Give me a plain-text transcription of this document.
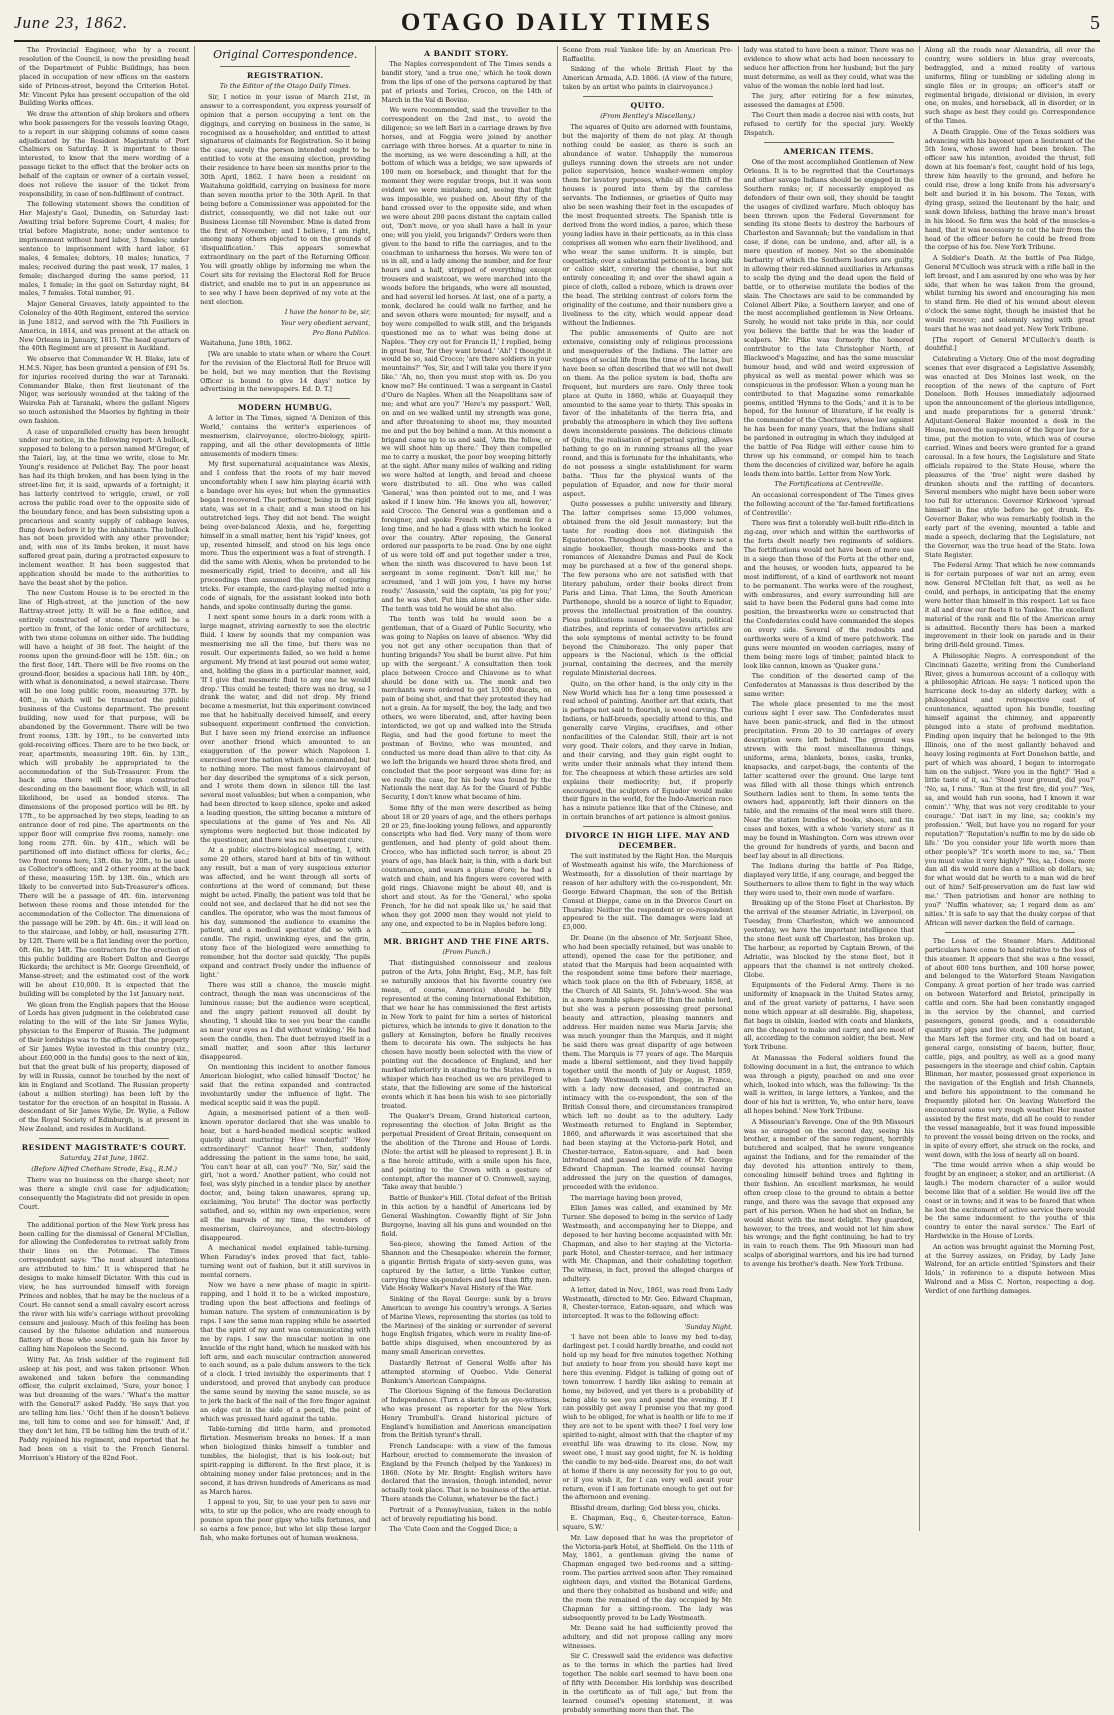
June 23, 1862.	OTAGO DAILY TIMES	5

The Provincial Engineer, who by a recent resolution of the Council, is now the presiding head of the Department of Public Buildings, has been placed in occupation of new offices on the eastern side of Princes-street, beyond the Criterion Hotel. Mr. Vincent Pyke has present occupation of the old Building Works offices.

We draw the attention of ship brokers and others who book passengers for the vessels leaving Otago, to a report in our shipping columns of some cases adjudicated by the Resident Magistrate of Port Chalmers on Saturday. It is important to these interested, to know that the mere wording of a passage ticket to the effect that the broker acts on behalf of the captain or owner of a certain vessel, does not relieve the issuer of the ticket from responsibility, in case of non-fulfilment of contract.

The following statement shows the condition of Her Majesty's Gaol, Dunedin, on Saturday last: Awaiting trial before Supreme Court, 4 males; for trial before Magistrate, none; under sentence to imprisonment without hard labor, 3 females; under sentence to imprisonment with hard labor, 61 males, 4 females; debtors, 10 males; lunatics, 7 males; received during the past week, 17 males, 1 female; discharged during the same period, 11 males, 1 female; in the gaol on Saturday night, 84 males, 7 females. Total number, 91.

Major General Greaves, lately appointed to the Colonelcy of the 40th Regiment, entered the service in June 1812, and served with the 7th Fusiliers in America, in 1814, and was present at the attack on New Orleans in January, 1815. The head quarters of the 40th Regiment are at present in Auckland.

We observe that Commander W. H. Blake, late of H.M.S. Niger, has been granted a pension of £91 5s. for injuries received during the war at Taranaki. Commander Blake, then first lieutenant of the Niger, was seriously wounded at the taking of the Waireka Pah at Taranaki, where the gallant Nigers so much astonished the Maories by fighting in their own fashion.

A case of unparalleled cruelty has been brought under our notice, in the following report: A bullock, supposed to belong to a person named M'Gregor, of the Taieri, lay, at the time we write, close to Mr. Young's residence at Pelichet Bay. The poor beast has had its thigh broken, and has been lying in the street-line for, it is said, upwards of a fortnight; it has latterly contrived to wriggle, crawl, or roll across the public road over to the opposite side of the boundary fence, and has been subsisting upon a precarious and scanty supply of cabbage leaves, flung down before it by the inhabitants. The bullock has not been provided with any other provender; and, with one of its limbs broken, it must have suffered great pain, during a protracted exposure to inclement weather. It has been suggested that application should be made to the authorities to have the beast shot by the police.

The new Custom House is to be erected in the line of High-street, at the junction of the new Rattray-street jetty. It will be a fine edifice, and entirely constructed of stone. There will be a portico in front, of the Ionic order of architecture, with two stone columns on either side. The building will have a height of 38 feet. The height of the rooms upon the ground-floor will be 15ft. 6in.; on the first floor, 14ft. There will be five rooms on the ground-floor, besides a spacious hall 18ft. by 40ft., with what is denominated, a newel staircase. There will be one long public room, measuring 37ft. by 40ft., in which will be transacted the public business of the Customs department. The present building, now used for that purpose, will be abandoned by the Government. There will be two front rooms, 13ft. by 19ft., to be converted into gold-receiving offices. There are to be two back, or rear, apartments, measuring 19ft. 6in. by 13ft., which will probably be appropriated to the accommodation of the Sub-Treasurer. From the back area there will be steps constructed descending on the basement floor, which will, in all likelihood, be used as bonded stores. The dimensions of the proposed portico will be 8ft. by 17ft., to be approached by two steps, leading to an entrance door of red pine. The apartments on the upper floor will comprise five rooms, namely: one long room 27ft. 6in. by 41ft., which will be partitioned off into distinct offices for clerks, &c.; two front rooms here, 13ft. 6in. by 20ft., to be used as Collector's offices; and 2 other rooms at the back of these, measuring 15ft. by 13ft. 6in., which are likely to be converted into Sub-Treasurer's offices. There will be a passage of 4ft. 6in. intervening between these rooms and those intended for the accommodation of the Collector. The dimensions of the passage will be 29ft. by 4ft. 6in.; it will lead on to the staircase, and lobby, or hall, measuring 27ft. by 12ft. There will be a flat landing over the portico, 6ft. 6in. by 14ft. The contractors for the erection of this public building are Robert Dalton and George Rickards; the architect is Mr. George Greenfield, of Manse-street; and the estimated cost of the work will be about £10,000. It is expected that the building will be completed by the 1st January next.

We glean from the English papers that the House of Lords has given judgment in the celebrated case relating to the will of the late Sir James Wylie, physician to the Emperor of Russia. The judgment of their lordships was to the effect that the property of Sir James Wylie invested in this country (viz., about £60,000 in the funds) goes to the next of kin, but that the great bulk of his property, disposed of by will in Russia, cannot be touched by the next of kin in England and Scotland. The Russian property (about a million sterling) has been left by the testator for the erection of an hospital in Russia. A descendant of Sir James Wylie, Dr. Wylie, a Fellow of the Royal Society of Edinburgh, is at present in New Zealand, and resides in Auckland.

RESIDENT MAGISTRATE'S COURT.
Saturday, 21st June, 1862.
(Before Alfred Chetham Strode, Esq., R.M.)

There was no business on the charge sheet; nor was there a single civil case for adjudication; consequently the Magistrate did not preside in open Court.

The additional portion of the New York press has been calling for the dismissal of General M'Clellan, for allowing the Confederates to retreat safely from their lines on the Potomac. The Times correspondent says: 'The most absurd intentions are attributed to him.' It is whispered that he designs to make himself Dictator. With this cud in view, he has surrounded himself with foreign Princes and nobles, that he may be the nucleus of a Court. He cannot send a small cavalry escort across the river with his wife's carriage without provoking censure and jealousy. Much of this feeling has been caused by the fulsome adulation and numerous flattery of those who sought to gain his favor by calling him Napoleon the Second.

Witty Pat. An Irish soldier of the regiment fell asleep at his post, and was taken prisoner. When awakened and taken before the commanding officer, the culprit exclaimed, 'Sure, your honor, I was but dreaming of the wars.' 'What's the matter with the General?' asked Paddy. 'He says that you are telling him lies.' 'Och! then if he doesn't believe me, tell him to come and see for himself.' And, if they don't let him, I'll be telling him the truth of it.' Paddy rejoined his regiment, and reported that he had been on a visit to the French General. Morrison's History of the 82nd Foot.

Original Correspondence.
REGISTRATION.
To the Editor of the Otago Daily Times.

Sir, I notice in your issue of March 21st, in answer to a correspondent, you express yourself of opinion that a person occupying a tent on the diggings, and carrying on business in the same, is recognised as a householder, and entitled to attest signatures of claimants for Registration. So it being the case, surely the person intended ought to be entitled to vote at the ensuing election, providing their residence to have been six months prior to the 30th April, 1862. I have been a resident on Waitahuna goldfield, carrying on business for more than seven months prior to the 30th April. In that being before a Commissioner was appointed for the district, consequently, we did not take out our Business License till November. Mine is dated from the first of November; and I believe, I am right, among many others objected to on the grounds of 'disqualification.' This appears somewhat extraordinary on the part of the Returning Officer. You will greatly oblige by informing me when the Court sits for revising the Electoral Roll for Bruce district, and enable me to put in an appearance as to see why I have been deprived of my vote at the next election.

I have the honor to be, sir,

Your very obedient servant,

Pro Bono Publico.

Waitahuna, June 18th, 1862.

[We are unable to state when or where the Court for the revision of the Electoral Roll for Bruce will be held, but we may mention that the Revising Officer is bound to give 14 days' notice by advertising in the newspapers. Ed. D. T.]

MODERN HUMBUG.

A letter in The Times, signed 'A Denizen of this World,' contains the writer's experiences of mesmerism, clairvoyance, electro-biology, spirit-rapping, and all the other developments of little amusements of modern times:

My first supernatural acquaintance was Alexis, and I confess that the roots of my hair moved uncomfortably when I saw him playing écarté with a bandage over his eyes; but when the gymnastics began I recovered. The performer, being in the rigid state, was set in a chair, and a man stood on his outstretched legs. They did not bend. The weight being over-balanced Alexis, and he, forgetting himself in a small matter, bent his 'rigid' knees, got up, resented himself, and stood on his legs once more. Thus the experiment was a feat of strength. I did the same with Alexis, when he pretended to be mesmerically rigid, tried to deceive, and all his proceedings then assumed the value of conjuring tricks. For example, the card-playing melted into a code of signals, for the assistant looked into both hands, and spoke continually during the game.

I next spent some hours in a dark room with a large magnet, striving earnestly to see the electric fluid. I knew by sounds that my companion was mesmerising me all the time, but there was no result. Our experiments failed, so we held a home argument. My friend at last poured out some water, and, holding the glass in a particular manner, said, 'If I give that mesmeric fluid to any one he would drop.' This could be tested; there was no drug, so I drank the water, and did not drop. My friend became a mesmerist, but this experiment convinced me that he habitually deceived himself, and every subsequent experiment confirmed the conviction. But I have seen my friend exercise an influence over another friend which amounted to an exaggeration of the power which Napoleon I. exercised over the nation which he commanded, but to nothing more. The most famous clairvoyant of her day described the symptoms of a sick person, and I wrote them down in silence till the last several most valuables; but when a companion, who had been directed to keep silence, spoke and asked a leading question, the sitting became a mixture of speculations at the game of Yes and No. All symptoms were neglected but those indicated by the questioner, and there was no subsequent cure.

At a public electro-biological meeting, I, with some 20 others, stared hard at bits of tin without any result, but a man of very suspicious exterior was affected, and he went through all sorts of contortions at the word of command; but these might be acted. Finally, the patient was told that he could not see, and declared that he did not see the candles. The operator, who was the most famous of his day, summoned the audience to examine the patient, and a medical spectator did so with a candle. The rigid, unwinking eyes, and the grin, stony face of the biologized were something to remember, but the doctor said quickly, 'The pupils expand and contract freely under the influence of light.'

There was still a chance, the muscle might contract, though the man was unconscious of the luminous cause; but the audience were sceptical, and the angry patient removed all doubt by shouting, 'I should like to see you bear the candle as near your eyes as I did without winking.' He had seen the candle, then. The duet betrayed itself in a small matter, and soon after this lecturer disappeared.

On mentioning this incident to another famous American biologist, who called himself 'Doctor,' he said that the retina expanded and contracted involuntarily under the influence of light. The medical sceptic said it was the pupil.

Again, a mesmerised patient of a then well-known operator declared that she was unable to hear, but a hard-headed medical sceptic walked quietly about muttering 'How wonderful!' 'How extraordinary!' 'Cannot hear!' Then, suddenly addressing the patient in the same tone, he said, 'You can't hear at all, can you?' 'No, Sir,' said the girl, 'not a word.' Another patient, who could not feel, was slyly pinched in a tender place by another doctor, and, being taken unawares, sprang up, exclaiming, 'You brute!' The doctor was perfectly satisfied, and so, within my own experience, were all the marvels of my time, the wonders of mesmerism, clairvoyance, and electro-biology disappeared.

A mechanical model explained table-turning. When Faraday's index proved that fact, table-turning went out of fashion, but it still survives in mental corners.

Now we have a new phase of magic in spirit-rapping, and I hold it to be a wicked imposture, trading upon the best affections and feelings of human nature. The system of communication is by raps. I saw the same man rapping while he asserted that the spirit of my aunt was communicating with me by raps. I saw the muscular motion in one knuckle of the right hand, which he masked with his left arm, and each muscular contraction answered to each sound, as a pale dulum answers to the tick of a clock. I tried invisibly the experiments that I understood, and proved that anybody can produce the same sound by moving the same muscle, so as to jerk the back of the nail of the fore finger against an edge cut in the side of a pencil, the point of which was pressed hard against the table.

Table-turning did little harm, and promoted flirtation. Mesmerism breaks no bones. If a man when biologized thinks himself a tumbler and tumbles, the biologist, that is his look-out; but spirit-rapping is different. In the first place, it is obtaining money under false pretences; and in the second, it has driven hundreds of Americans as mad as March hares.

I appeal to you, Sir, to use your pen to save our wits, to stir up the police, who are ready enough to pounce upon the poor gipsy who tells fortunes, and so earns a few pence, but who let slip these larger fish, who make fortunes out of human weakness.

A BANDIT STORY.

The Naples correspondent of The Times sends a bandit story, 'and a true one,' which he took down from the lips of one of the persons captured by that pat of priests and Tories, Crocco, on the 14th of March in the Val di Bovino.

We were recommended, said the traveller to the correspondent on the 2nd inst., to avoid the diligence; so we left Bari in a carriage drawn by five horses, and at Foggia were joined by another carriage with three horses. At a quarter to nine in the morning, as we were descending a hill, at the bottom of which was a bridge, we saw upwards of 100 men on horseback, and thought that for the moment they were regular troops, but it was soon evident we were mistaken; and, seeing that flight was impossible, we pushed on. About fifty of the band crossed over to the opposite side, and when we were about 200 paces distant the captain called out, 'Don't move, or you shall have a ball in your one; will you yield, you brigands?' Orders were then given to the band to rifle the carriages, and to the coachman to unharness the horses. We were ten of us in all, and a lady among the number, and for four hours and a half, stripped of everything except trousers and waistcoat, we were marched into the woods before the brigands, who were all mounted, and had several led horses. At last, one of a party, a monk, declared he could walk no farther, and he and seven others were mounted; for myself, and a boy were compelled to walk still, and the brigands questioned me as to what was being done at Naples. 'They cry out for Francis II,' I replied, being in great fear, 'for they want bread.' 'Ah!' I thought it would be so, said Crocco; 'are there soldiers in your mountains?' 'Yes, Sir, and I will take you there if you like.' 'Ah, no, then you must stop with us. Do you know me?' He continued. 'I was a sergeant in Castel d'Ouro de Naples. When all the Neapolitans saw of me; and what are you?' 'Here's my passport.' Well, on and on we walked until my strength was gone, and after threatening to shoot me, they mounted me and put the boy behind a man. At this moment a brigand came up to us and said, 'Arm the follow, or we will shoot him up there.' They then compelled me to carry a musket, the poor boy weeping bitterly at the sight. After many miles of walking and riding we were halted at length, and bread and cheese were distributed to all. One who was called 'General,' was then pointed out to me, and I was asked if I knew him. 'He knows you all, however,' said Crocco. The General was a gentleman and a foreigner, and spoke French with the monk for a long time, and he had a glass with which he looked over the country. After reposing, the General ordered our passports to be read. One by one eight of us were told off and put together under a tree, when the ninth was discovered to have been 1st sergeant in some regiment. 'Don't kill me,' he screamed, 'and I will join you, I have my horse ready.' 'Assassin,' said the captain, 'as pig for you;' and he was shot. Put him alone on the other side. The tenth was told he would be shot also.

The tenth was told he would soon be a gentleman, that of a Guard of Public Security, who was going to Naples on leave of absence. 'Why did you not get any other occupation than that of hunting brigands? You shall be burnt alive. Put him up with the sergeant.' A consultation then took place between Crocco and Chiavone as to what should be done with us. The monk and two merchants were ordered to get 13,000 ducats, on pain of being shot, and that they protested they had not a grain. As for myself, the boy, the lady, and two others, we were liberated, and, after having been interdicted, we got up and walked into the Strada Regia, and had the good fortune to meet the postman of Bovino, who was mounted, and conducted us more dead than alive to that city. As we left the brigands we heard three shots fired, and concluded that the poor sergeant was done for; as we really the case, for his body was found by the Nationals the next day. As for the Guard of Public Security, I don't know what became of him.

Some fifty of the men were described as being about 18 or 20 years of age, and the others perhaps 20 or 25, fine-looking young fellows, and apparently conscripts who had fled. Very many of them were gentlemen, and had plenty of gold about them. Crocco, who has inflicted such terror, is about 25 years of age, has black hair, is thin, with a dark but countenance, and wears a plume d'oro; he had a watch and chain, and his fingers were covered with gold rings. Chiavone might be about 40, and is short and stout. As for the 'General,' who spoke French, 'for he did not speak like us,' he said that when they got 2000 men they would not yield to any one, and expected to be in Naples before long.

MR. BRIGHT AND THE FINE ARTS.
(From Punch.)

That distinguished connoisseur and zealous patron of the Arts, John Bright, Esq., M.P., has felt so naturally anxious that his favorite country (we mean, of course, America) should be fitly represented at the coming International Exhibition, that we hear he has commissioned the first artists in New York to paint for him a series of historical pictures, which he intends to give it donation to the gallery at Kensington, before he finally receives them to decorate his own. The subjects he has chosen have mostly been selected with the view of pointing out the decadence of England, and her marked inferiority in standing to the States. From a whisper which has reached us we are privileged to state, that the following are some of the historical events which it has been his wish to see pictorially treated.

The Quaker's Dream, Grand historical cartoon, representing the election of John Bright as the perpetual President of Great Britain, consequent on the abolition of the Throne and House of Lords. (Note: the artist will be pleased to represent J. B. in a fine heroic attitude, with a smile upon his face, and pointing to the Crown with a gesture of contempt, after the manner of O. Cromwell, saying, 'Take away that bauble.')

Battle of Bunker's Hill. (Total defeat of the British in this action by a handful of Americans led by General Washington. Cowardly flight of Sir John Burgoyne, leaving all his guns and wounded on the field.

Sea-piece, showing the famed Action of the Shannon and the Chesapeake: wherein the former, a gigantic British frigate of sixty-seven guns, was captured by the latter, a little Yankee cutter, carrying three six-pounders and less than fifty men. Vide Hooky Walker's Naval History of the War.

Sinking of the Royal George: sunk by a brave American to avenge his country's wrongs. A Series of Marine Views, representing the stories (as told to the Marines) of the sinking or surrender of several huge English frigates, which were in reality line-of-battle ships disguised, when encountered by as many small American corvettes.

Dastardly Retreat of General Wolfe after his attempted storming of Quebec. Vide General Bunkum's American Campaigns.

The Glorious Signing of the famous Declaration of Independence. (Turn a sketch by an eye-witness, who was present as reporter for the New York Henry Trumbull's. Grand historical picture of England's humiliation and American emancipation from the British tyrant's thrall.

French Landscape: with a view of the famous Harbour, erected to commemorate the invasion of England by the French (helped by the Yankees) in 1860. (Note by Mr. Bright: English writers have declared that the invasion, though intended, never actually took place. That is no business of the artist. There stands the Column, whatever be the fact.)

Portrait of a Pennsylvanian, taken in the noble act of bravely repudiating his bond.

The 'Cute Coon and the Cogged Dice; a

Scene from real Yankee life: by an American Pre-Raffaelite.

Sinking of the whole British Fleet by the American Armada, A.D. 1866. (A view of the future, taken by an artist who paints in clairvoyance.)

QUITO.
(From Bentley's Miscellany.)

The squares of Quito are adorned with fountains, but the majority of them do not play. At though nothing could be easier, as there is such an abundance of water. Unhappily the numerous gulleys running down the streets are not under police supervision, hence washer-women employ them for lavatory purposes, while all the filth of the houses is poured into them by the careless servants. The Indiennes, or griseties of Quito may also be seen washing their feet in the escapades of the most frequented streets. The Spanish title is derived from the word indios, a paree, which these young ladies have in their petticoats, as in this class comprises all women who earn their livelihood, and who wear the same uniform. It is simple, but coquettish; over a substantial petticoat is a long silk or calico skirt, covering the chemise, but not entirely concealing it; and over the shawl again a piece of cloth, called a rebozo, which is drawn over the head. The striking contrast of colors form the originality of the costume, and their numbers give a liveliness to the city, which would appear dead without the Indiennes.

The public amusements of Quito are not extensive, consisting only of religious processions and masquerades of the Indians. The latter are vestiges of social life from the time of the Incas, but have been so often described that we will not dwell on them. As the police system is bad, thefts are frequent, but murders are rare. Only three took place at Quito in 1860, while at Guayaquil they amounted to the same year to thirty. This speaks in favor of the inhabitants of the tierra fria, and probably the atmosphere in which they live softens down inconsiderate passions. The delicious climate of Quito, the realisation of perpetual spring, allows bathing to go on in running streams all the year round, and this is fortunate for the inhabitants, who do not possess a single establishment for warm baths. 'Thus far the physical wants of the population of Equador, and now for their moral aspect.

Quito possesses a public university and library. The latter comprises some 15,000 volumes, obtained from the old Jesuit monastery; but the taste for reading does not distinguish the Equatoriotos. Throughout the country there is not a single bookseller, though mass-books and the romances of Alexandre Dumas and Paul de Kock may be purchased at a few of the general shops. The few persons who are not satisfied with that literary pabulum, order their books direct from Paris and Lima. That Lima, the South American Parthenope, should be a source of light to Equador, proves the intellectual prostration of the country. Pious publications issued by the Jesuits, political diatribes, and reprints of conservative articles are the sole symptoms of mental activity to be found beyond the Chimborazo. The only paper that appears is the Nacional, which is the official journal, containing the decrees, and the merely regulate Ministerial decrees.

Quito, on the other hand, is the only city in the New World which has for a long time possessed a real school of painting. Another art that exists, that is perhaps not said to flourish, is wood carving. The Indians, or half-breeds, specially attend to this, and generally carve Virgins, crucifixes, and other nonfacilities of the Calendar. Still, their art is not very good. Their colors, and they carve in Indian, and their carving, and they gain right ought to write under their animals what they intend them for. The cheapness at which these articles are sold explains their mediocrity; but, if properly encouraged, the sculptors of Equador would make their figure in the world, for the Indo-American race has a minute patience like that of the Chinese, and in certain branches of art patience is almost genius.

DIVORCE IN HIGH LIFE. MAY AND DECEMBER.

The suit instituted by the Right Hon. the Marquis of Westmeath against his wife, the Marchioness of Westmeath, for a dissolution of their marriage by reason of her adultery with the co-respondent, Mr. George Edward Chapman, the son of the British Consul at Dieppe, came on in the Divorce Court on Thursday. Neither the respondent or co-respondent appeared to the suit. The damages were laid at £5,000.

Dr. Deane (in the absence of Mr. Serjeant Shee, who had been specially retained, but was unable to attend), opened the case for the petitioner, and stated that the Marquis had been acquainted with the respondent some time before their marriage, which took place on the 8th of February, 1858, at the Church of All Saints, St. John's-wood. She was in a more humble sphere of life than the noble lord, but she was a person possessing great personal beauty and attraction, pleasing manners and address. Her maiden name was Maria Jarvis; she was much younger than the Marquis, and it might be said there was great disparity of age between them. The Marquis is 77 years of age. The Marquis made a liberal settlement, and they lived happily together until the month of July or August, 1859, when Lady Westmeath visited Dieppe, in France, with a lady now deceased, and contracted an intimacy with the co-respondent, the son of the British Consul there, and circumstances transpired which left no doubt as to the adultery. Lady Westmeath returned to England in September, 1860, and afterwards it was ascertained that she had been staying at the Victoria-park Hotel, and Chester-terrace, Eaton-square, and had been introduced and passed as the wife of Mr. George Edward Chapman. The learned counsel having addressed the jury on the question of damages, proceeded with the evidence.

The marriage having been proved,

Ellen James was called, and examined by Mr. Turner. She deposed to being in the service of Lady Westmeath, and accompanying her to Dieppe, and deposed to her having become acquainted with Mr. Chapman, and also to her staying at the Victoria-park Hotel, and Chester-terrace, and her intimacy with Mr. Chapman, and their cohabiting together. The witness, in fact, proved the alleged charges of adultery.

A letter, dated in Nov., 1861, was read from Lady Westmeath, directed to Mr. Geo. Edward Chapman, 8, Chester-terrace, Eaton-square, and which was intercepted. It was to the following effect:

'Sunday Night.

'I have not been able to leave my bed to-day, darlingest pet. I could hardly breathe, and could not hold up my head for five minutes together. Nothing but anxiety to hear from you should have kept me here this evening. Fidget is talking of going out of town tomorrow. I hardly like asking to remain at home, my beloved, and yet there is a probability of being able to see you and spend the evening. If I can possibly get away I promise you that my good wish to be obliged, for what is health or life to me if they are not to be spent with thee? I feel very low spirited to-night, almost with that the chapter of my eventful life was drawing to its close. Now, my sweet one, I must say good night, for N. is holding the candle to my bed-side. Dearest one, do not wait at home if there is any necessity for you to go out, or if you wish it, for I can very well await your return, even if I am fortunate enough to get out for the afternoon and evening.

Blissful dream, darling; God bless you, chicks.

E. Chapman, Esq., 6, Chester-terrace, Eaton-square, S.W.'

Mr. Law deposed that he was the proprietor of the Victoria-park Hotel, at Sheffield. On the 11th of May, 1861, a gentleman giving the name of Chapman engaged two bed-rooms and a sitting-room. The parties arrived soon after. They remained eighteen days, and visited the Botanical Gardens, and there they cohabited as husband and wife; and the room the remained of the day occupied by Mr. Chapman for a sitting-room. The lady was subsequently proved to be Lady Westmeath.

Mr. Deane said he had sufficiently proved the adultery, and did not propose calling any more witnesses.

Sir C. Cresswell said the evidence was defective as to the terms in which the parties had lived together. The noble earl seemed to have been one of fifty with December. His lordship was described in the certificate as of 'full age,' but from the learned counsel's opening statement, it was probably something more than that. The

lady was stated to have been a minor. There was no evidence to show what acts had been necessary to seduce her affection from her husband; but the jury must determine, as well as they could, what was the value of the woman the noble lord had lost.

The jury, after retiring for a few minutes, assessed the damages at £500.

The Court then made a decree nisi with costs, but refused to certify for the special jury. Weekly Dispatch.

AMERICAN ITEMS.

One of the most accomplished Gentlemen of New Orleans. It is to be regretted that the Courtenays and other savage Indians should be engaged in the Southern ranks; or, if necessarily employed as defenders of their own soil, they should be taught the usages of civilized warfare. Much obloquy has been thrown upon the Federal Government for sending its stone fleets to destroy the harbours of Charleston and Savannah; but the vandalism in that case, if done, can be undone, and, after all, is a mere question of money. Not so the abominable barbarity of which the Southern leaders are guilty, in allowing their red-skinned auxiliaries in Arkansas to scalp the dying and the dead upon the field of battle, or to otherwise mutilate the bodies of the slain. The Choctaws are said to be commanded by Colonel Albert Pike, a Southern lawyer, and one of the most accomplished gentlemen in New Orleans. Surely, he would not take pride in this, nor could you believe the battle that he was the leader of scalpers. Mr. Pike was formerly the honored contributor to the late Christopher North, of Blackwood's Magazine, and has the same muscular humour head, and wild and weird expression of physical as well as mental power which was so conspicuous in the professor. When a young man he contributed to that Magazine some remarkable poems, entitled 'Hymns to the Gods,' and it is to be hoped, for the honour of literature, if he really is the commander of the Choctaws, whose law against he has been for many years, that the Indians shall be pardoned in outraging in which they indulged at the battle of Pea Ridge will either cause him to throw up his command, or compel him to teach them the decencies of civilized war, before he again leads them into battle. Letter from New York.

The Fortifications at Centreville.

An occasional correspondent of The Times gives the following account of the 'far-famed fortifications of Centreville':

There was first a tolerably well-built rifle-ditch in zig-zag, over which and within the earthworks of the forts dwelt nearly two regiments of soldiers. The fortifications would not have been of more use in a siege than those of the Forts at the other end, and the houses, or wooden huts, appeared to be most indifferent, of a kind of earthwork not meant to be permanent. The works were of the roughest, with embrasures, and every surrounding hill are said to have been the Federal guns had come into position, the breastworks were so constructed that the Confederates could have commanded the slopes on every side. Several of the redoubts and earthworks were of a kind of mere patchwork. The guns were mounted on wooden carriages, many of them being mere logs of timber, painted black to look like cannon, known as 'Quaker guns.'

The condition of the deserted camp of the Confederates at Manassas is thus described by the same writer:

The whole place presented to me the most curious sight I ever saw. The Confederates must have been panic-struck, and fled in the utmost precipitation. From 20 to 30 carriages of every description were left behind. The ground was strewn with the most miscellaneous things, uniforms, arms, blankets, boxes, casks, trunks, knapsacks, and carpet-bags, the contents of the latter scattered over the ground. One large tent was filled with all those things which entrench Southern ladies sent to them. In some tents the owners had, apparently, left their dinners on the table, and the remains of the meal were still there. Near the station bundles of books, shoes, and tin cases and boxes, with a whole 'variety store' as it may be found in Washington. Corn was strewn over the ground for hundreds of yards, and bacon and beef lay about in all directions.

The Indians during the battle of Pea Ridge, displayed very little, if any, courage, and begged the Southerners to allow them to fight in the way which they were used to, their own mode of warfare.

Breaking up of the Stone Fleet at Charleston. By the arrival of the steamer Adriatic, in Liverpool, on Tuesday, from Charleston, which we announced yesterday, we have the important intelligence that the stone fleet sunk off Charleston, has broken up. The harbour, as reported by Captain Brown, of the Adriatic, was blocked by the stone fleet, but it appears that the channel is not entirely choked. Globe.

Equipments of the Federal Army. There is no uniformity of knapsack in the United States army, and of the great variety of patterns, I have seen none which appear at all desirable. Big, shapeless, flat bags in oilskin, loaded with coats and blankets, are the cheapest to make and carry, and are most of all, according to the common soldier, the best. New York Tribune.

At Manassas the Federal soldiers found the following document in a hut, the entrance to which was through a pigsty, poached on and one over which, looked into which, was the following: 'In the wall is written, in large letters, a Yankee, and the door of his hut is written, Ye, who enter here, leave all hopes behind.' New York Tribune.

A Missourian's Revenge. One of the 9th Missouri was so enraged on the second day, seeing his brother, a member of the same regiment, horribly butchered and scalped, that he swore vengeance against the Indians, and for the remainder of the day devoted his attention entirely to them, concealing himself behind trees and fighting in their fashion. An excellent marksman, he would often creep close to the ground to obtain a better range, and there was the savage that exposed any part of his person. When he had shot an Indian, he would shout with the most delight. They guarded, however, to the trees, and would not let him show his wrongs; and the fight continuing, he had to try in vain to reach them. The 9th Missouri man had scalps of aboriginal warriors, and his ire had turned to avenge his brother's death. New York Tribune.

Along all the roads near Alexandria, all over the country, were soldiers in blue gray overcoats, bedraggled, and a mixed reality of various uniforms, filing or tumbling or sideling along in single files or in groups; an officer's staff or regimental brigade, divisional or division, in every one, on mules, and horseback, all in disorder, or in such shape as best they could go. Correspondence of the Times.

A Death Grapple. One of the Texas soldiers was advancing with his bayonet upon a lieutenant of the 5th Iowa, whose sword had been broken. The officer saw his intention, avoided the thrust, fell down at his foeman's feet, caught hold of his legs, threw him heavily to the ground, and before he could rise, drew a long knife from his adversary's belt and buried it in his bosom. The Texan, with dying grasp, seized the lieutenant by the hair, and sank down lifeless, bathing the brave man's breast in his blood. So firm was the hold of the muscles-a hand, that it was necessary to cut the hair from the head of the officer before he could be freed from the corpse of his foe. New York Tribune.

A Soldier's Death. At the battle of Pea Ridge, General M'Culloch was struck with a rifle ball in the left breast, and I am assured by one who was by her side, that when he was taken from the ground, whilst turning his sword and encouraging his men to stand firm. He died of his wound about eleven o'clock the same night, though he insisted that he would recover; and solemnly saying with great tears that he was not dead yet. New York Tribune.

[The report of General M'Culloch's death is doubtful.]

Celebrating a Victory. One of the most degrading scenes that ever disgraced a Legislative Assembly, was enacted at Des Moines last week, on the reception of the news of the capture of Fort Donelson. Both Houses immediately adjourned upon the announcement of the glorious intelligence, and made preparations for a general 'drunk.' Adjutant-General Baker mounted a desk in the House, moved the suspension of the liquor law for a time, put the motion to vote, which was of course carried. Wines and beers were granted for a grand carousal. In a few hours, the Legislature and State officials repaired to the State House, where the pleasures of the 'free' night were dashed by drunken shouts and the rattling of decanters. Several members who might have been sober were too full for utterance. Governor Kirkwood 'spread himself' in fine style before he got drunk. Ex-Governor Baker, who was remarkably foolish in the early part of the evening, mounted a table and made a speech, declaring that the Legislature, not the Governor, was the true head of the State. Iowa State Register.

The Federal Army. That which he now commands is for certain purposes of war not an army, even now. General M'Clellan felt that, as well as he could, and perhaps, in anticipating that the enemy were better than himself in this respect. Let us face it all and draw our fleets 8 to Yankee. The excellent material of the rank and file of the American army is admitted. Recently there has been a marked improvement in their look on parade and in their bring drill-field ground. Times.

A Philosophic Negro. A correspondent of the Cincinnati Gazette, writing from the Cumberland River, gives a humorous account of a colloquy with a philosophic African. He says: 'I noticed upon the hurricane deck to-day an elderly darkey, with a philosophical and retrospective cast of countenance, squatted upon his bundle, toasting himself against the chimney, and apparently plunged into a state of profound meditation. Finding upon inquiry that he belonged to the 9th Illinois, one of the most gallantly behaved and heavy losing regiments at Fort Donelson battle, and part of which was aboard, I began to interrogate him on the subject. 'Were you in the fight?' 'Had a little taste of it, sa.' 'Stood your ground, did you?' 'No, sa, I runs.' 'Run at the first fire, did you?' 'Yes, sa, and would hab run soona, had I known it war comin'.' 'Why, that was not very creditable to your courage.' 'Dat isn't in my line, sa; cookin's my profession.' 'Well, but have you no regard for your reputation?' 'Reputation's nuffin to me by de side ob life.' 'Do you consider your life worth more than other people's?' 'It's worth more to me, sa.' Then you must value it very highly?' 'Yes, sa, I does; more dan all dis wuld more dan a million ob dollars, sa; for what would dat be worth to a man wid de bref out of him? Self-preservation am de fust law wid me.' 'Then patriotism and honor are nothing to you?' 'Nuffin whatever, sa; I regard dem as am' nities.' It is safe to say that the dusky corpse of that African will never darken the field of carnage.

The Loss of the Steamer Mars. Additional particulars have come to hand relative to the loss of this steamer. It appears that she was a fine vessel, of about 600 tons burthen, and 100 horse power, and belonged to the Waterford Steam Navigation Company. A great portion of her trade was carried on between Waterford and Bristol, principally in cattle and corn. She had been constantly engaged in the service by the channel, and carried passengers, general goods, and a considerable quantity of pigs and live stock. On the 1st instant, the Mars left the former city, and had on board a general cargo, consisting of bacon, butter, flour, cattle, pigs, and poultry, as well as a good many passengers in the steerage and chief cabin. Captain Blinman, her master, possessed great experience in the navigation of the English and Irish Channels, and before his appointment to the command he frequently piloted her. On leaving Waterford the encountered some very rough weather. Her master assisted by the first mate, did all he could to render the vessel manageable, but it was found impossible to prevent the vessel being driven on the rocks, and in spite of every effort, she struck on the rocks, and went down, with the loss of nearly all on board.

'The time would arrive when a ship would be fought by an engineer, a stoker, and an artillerist. (A laugh.) The modern character of a sailor would become like that of a soldier. He would live off the coast or in towns; and it was to be feared that when he lost the excitement of active service there would be the same inducement to the youths of this country to enter the naval service.' The Earl of Hardwicke in the House of Lords.

An action was brought against the Morning Post, at the Surrey assizes, on Friday, by Lady Jane Walrond, for an article entitled 'Spinsters and their Idols,' in reference to a dispute between Miss Walrond and a Miss C. Norton, respecting a dog. Verdict of one farthing damages.
